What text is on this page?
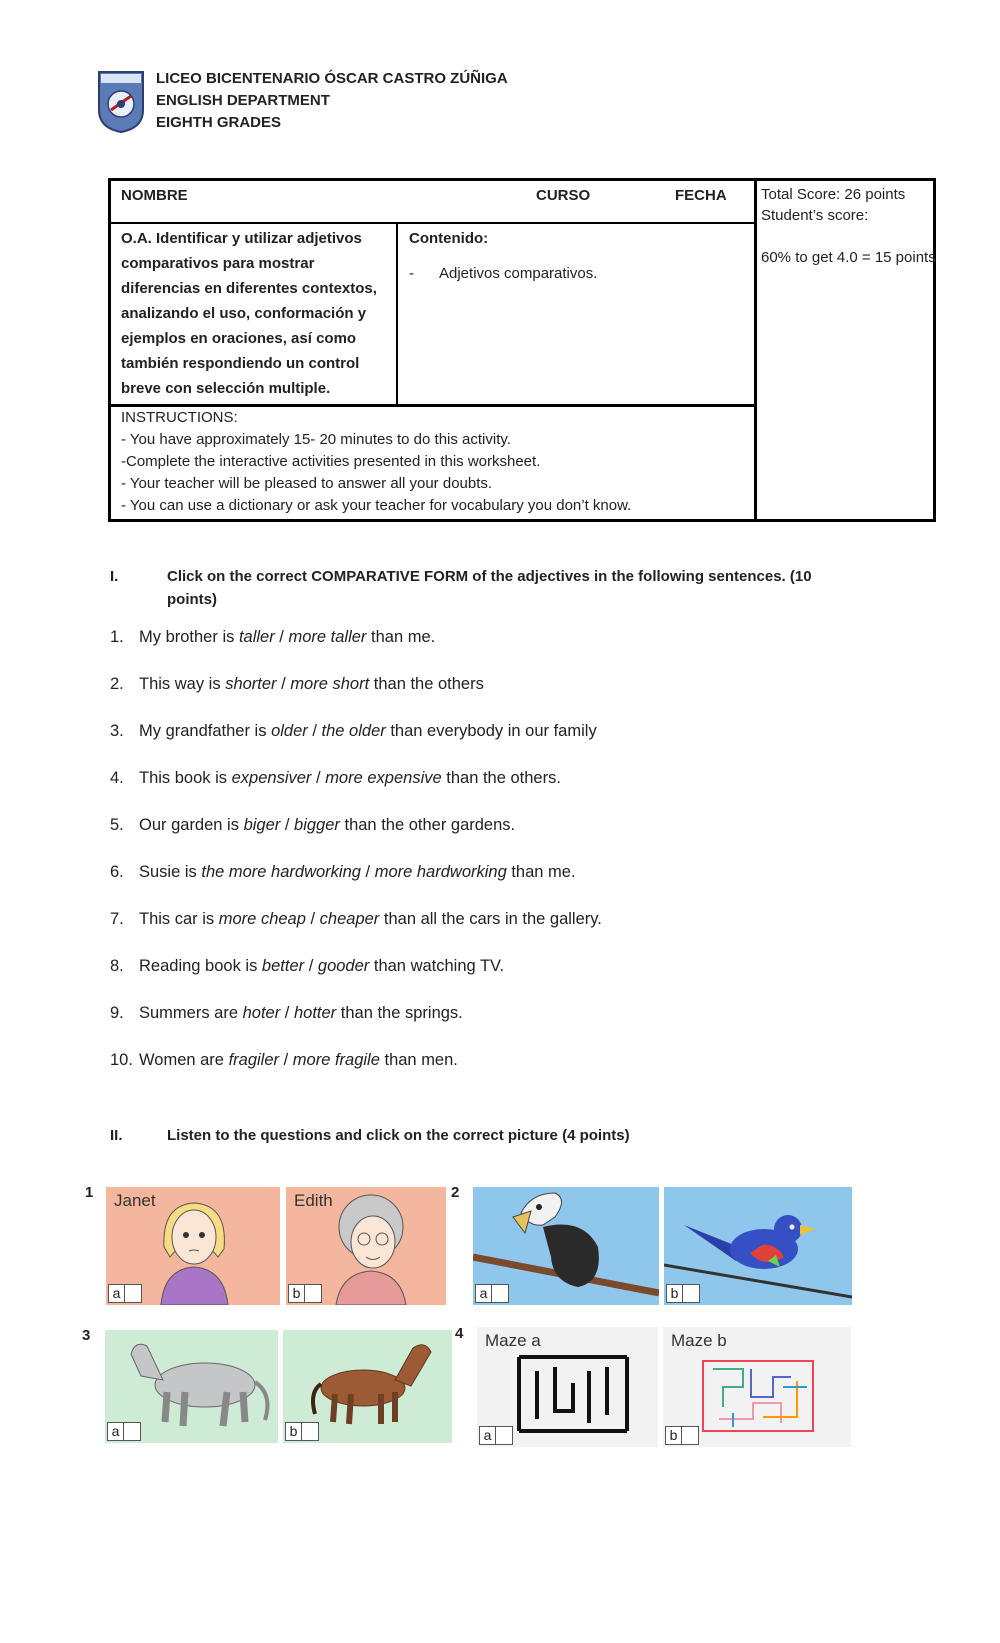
LICEO BICENTENARIO ÓSCAR CASTRO ZÚÑIGA
ENGLISH DEPARTMENT
EIGHTH GRADES
NOMBRE	CURSO	FECHA Total Score: 26 points
Student’s score:
60% to get 4.0 = 15 points
O.A. Identificar y utilizar adjetivos comparativos para mostrar diferencias en diferentes contextos, analizando el uso, conformación y ejemplos en oraciones, así como también respondiendo un control breve con selección multiple.
Contenido:
- Adjetivos comparativos.
INSTRUCTIONS:
- You have approximately 15- 20 minutes to do this activity.
-Complete the interactive activities presented in this worksheet.
- Your teacher will be pleased to answer all your doubts.
- You can use a dictionary or ask your teacher for vocabulary you don’t know.
I.	Click on the correct COMPARATIVE FORM of the adjectives in the following sentences. (10 points)
1. My brother is taller / more taller than me.
2. This way is shorter / more short than the others
3. My grandfather is older / the older than everybody in our family
4. This book is expensiver / more expensive than the others.
5. Our garden is biger / bigger than the other gardens.
6. Susie is the more hardworking / more hardworking than me.
7. This car is more cheap / cheaper than all the cars in the gallery.
8. Reading book is better / gooder than watching TV.
9. Summers are hoter / hotter than the springs.
10. Women are fragiler / more fragile than men.
II.	Listen to the questions and click on the correct picture (4 points)
1 Janet
a
Edith
b
2
a	b
3
a	b
4 Maze a
a
Maze b
b
